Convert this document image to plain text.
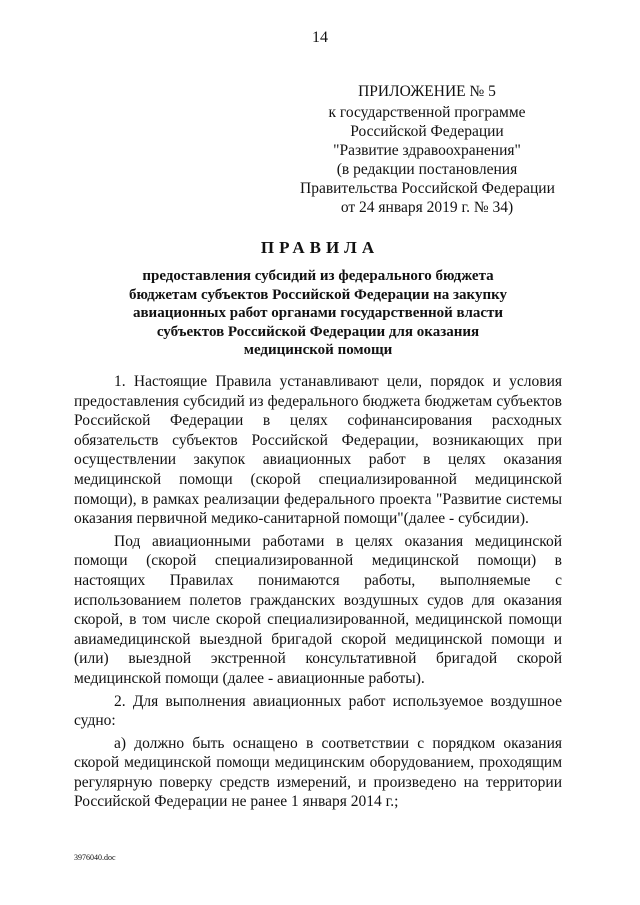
14
ПРИЛОЖЕНИЕ № 5
к государственной программе
Российской Федерации
"Развитие здравоохранения"
(в редакции постановления
Правительства Российской Федерации
от 24 января 2019 г. № 34)
ПРАВИЛА
предоставления субсидий из федерального бюджета
бюджетам субъектов Российской Федерации на закупку
авиационных работ органами государственной власти
субъектов Российской Федерации для оказания
медицинской помощи

1. Настоящие Правила устанавливают цели, порядок и условия предоставления субсидий из федерального бюджета бюджетам субъектов Российской Федерации в целях софинансирования расходных обязательств субъектов Российской Федерации, возникающих при осуществлении закупок авиационных работ в целях оказания медицинской помощи (скорой специализированной медицинской помощи), в рамках реализации федерального проекта "Развитие системы оказания первичной медико-санитарной помощи"(далее - субсидии).

Под авиационными работами в целях оказания медицинской помощи (скорой специализированной медицинской помощи) в настоящих Правилах понимаются работы, выполняемые с использованием полетов гражданских воздушных судов для оказания скорой, в том числе скорой специализированной, медицинской помощи авиамедицинской выездной бригадой скорой медицинской помощи и (или) выездной экстренной консультативной бригадой скорой медицинской помощи (далее - авиационные работы).

2. Для выполнения авиационных работ используемое воздушное судно:

а) должно быть оснащено в соответствии с порядком оказания скорой медицинской помощи медицинским оборудованием, проходящим регулярную поверку средств измерений, и произведено на территории Российской Федерации не ранее 1 января 2014 г.;

3976040.doc
